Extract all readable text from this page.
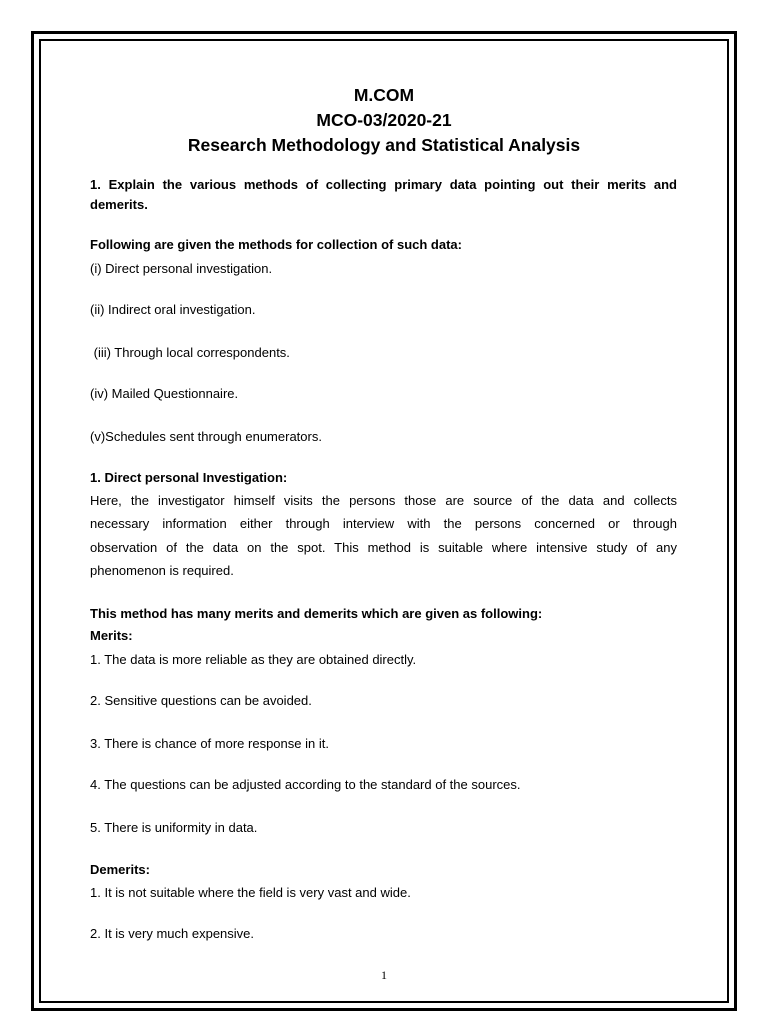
M.COM
MCO-03/2020-21
Research Methodology and Statistical Analysis

1. Explain the various methods of collecting primary data pointing out their merits and demerits.

Following are given the methods for collection of such data:

(i) Direct personal investigation.

(ii) Indirect oral investigation.

(iii) Through local correspondents.

(iv) Mailed Questionnaire.

(v)Schedules sent through enumerators.

1. Direct personal Investigation:

Here, the investigator himself visits the persons those are source of the data and collects

necessary information either through interview with the persons concerned or through

observation of the data on the spot. This method is suitable where intensive study of any

phenomenon is required.

This method has many merits and demerits which are given as following:

Merits:

1. The data is more reliable as they are obtained directly.

2. Sensitive questions can be avoided.

3. There is chance of more response in it.

4. The questions can be adjusted according to the standard of the sources.

5. There is uniformity in data.

Demerits:

1. It is not suitable where the field is very vast and wide.

2. It is very much expensive.

1
